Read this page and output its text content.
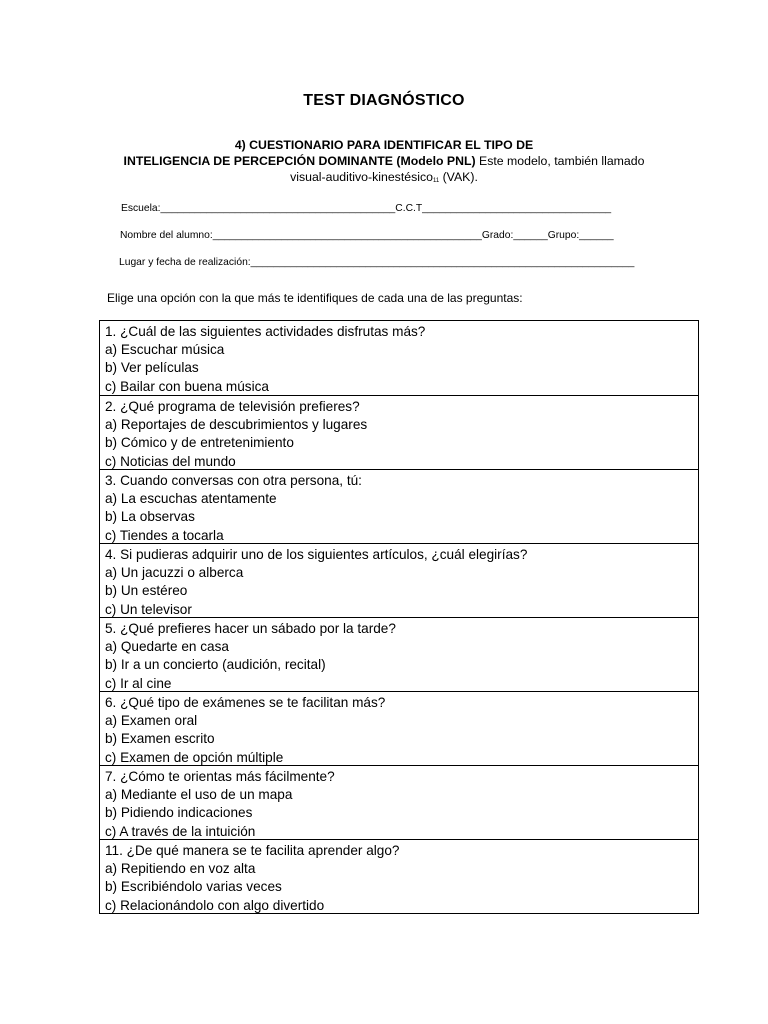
TEST DIAGNÓSTICO
4) CUESTIONARIO PARA IDENTIFICAR EL TIPO DE
INTELIGENCIA DE PERCEPCIÓN DOMINANTE (Modelo PNL) Este modelo, también llamado
visual-auditivo-kinestésico$_{11}$ (VAK).
Escuela:_________________________________________C.C.T_________________________________
Nombre del alumno:_______________________________________________Grado:______Grupo:______
Lugar y fecha de realización:___________________________________________________________________
Elige una opción con la que más te identifiques de cada una de las preguntas:
1. ¿Cuál de las siguientes actividades disfrutas más?
a) Escuchar música
b) Ver películas
c) Bailar con buena música
2. ¿Qué programa de televisión prefieres?
a) Reportajes de descubrimientos y lugares
b) Cómico y de entretenimiento
c) Noticias del mundo
3. Cuando conversas con otra persona, tú:
a) La escuchas atentamente
b) La observas
c) Tiendes a tocarla
4. Si pudieras adquirir uno de los siguientes artículos, ¿cuál elegirías?
a) Un jacuzzi o alberca
b) Un estéreo
c) Un televisor
5. ¿Qué prefieres hacer un sábado por la tarde?
a) Quedarte en casa
b) Ir a un concierto (audición, recital)
c) Ir al cine
6. ¿Qué tipo de exámenes se te facilitan más?
a) Examen oral
b) Examen escrito
c) Examen de opción múltiple
7. ¿Cómo te orientas más fácilmente?
a) Mediante el uso de un mapa
b) Pidiendo indicaciones
c) A través de la intuición
11. ¿De qué manera se te facilita aprender algo?
a) Repitiendo en voz alta
b) Escribiéndolo varias veces
c) Relacionándolo con algo divertido
